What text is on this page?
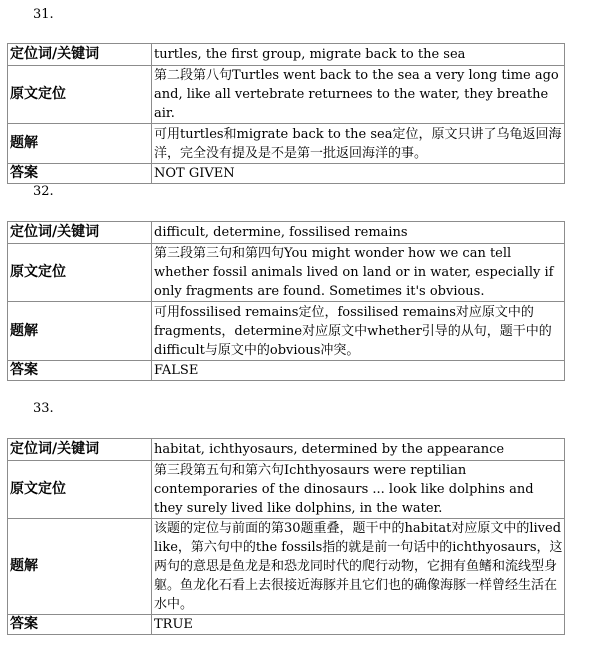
31.
定位词/关键词	turtles, the first group, migrate back to the sea
原文定位	第二段第八句Turtles went back to the sea a very long time ago and, like all vertebrate returnees to the water, they breathe air.
题解	可用turtles和migrate back to the sea定位，原文只讲了乌龟返回海洋，完全没有提及是不是第一批返回海洋的事。
答案	NOT GIVEN
32.
定位词/关键词	difficult, determine, fossilised remains
原文定位	第三段第三句和第四句You might wonder how we can tell whether fossil animals lived on land or in water, especially if only fragments are found. Sometimes it's obvious.
题解	可用fossilised remains定位，fossilised remains对应原文中的fragments，determine对应原文中whether引导的从句，题干中的difficult与原文中的obvious冲突。
答案	FALSE
33.
定位词/关键词	habitat, ichthyosaurs, determined by the appearance
原文定位	第三段第五句和第六句Ichthyosaurs were reptilian contemporaries of the dinosaurs ... look like dolphins and they surely lived like dolphins, in the water.
题解	该题的定位与前面的第30题重叠，题干中的habitat对应原文中的lived like，第六句中的the fossils指的就是前一句话中的ichthyosaurs，这两句的意思是鱼龙是和恐龙同时代的爬行动物，它拥有鱼鳍和流线型身躯。鱼龙化石看上去很接近海豚并且它们也的确像海豚一样曾经生活在水中。
答案	TRUE
